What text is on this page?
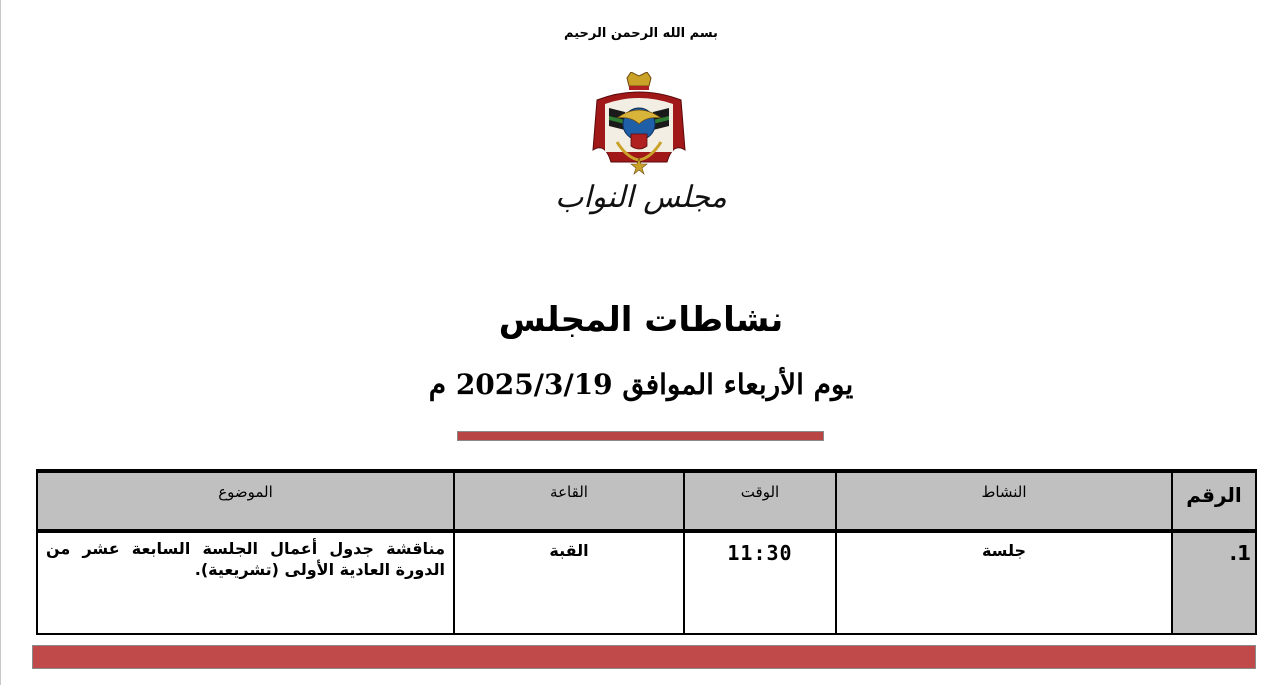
بسم الله الرحمن الرحيم
مجلس النواب
نشاطات المجلس
يوم الأربعاء الموافق 2025/3/19 م
الرقم	النشاط	الوقت	القاعة	الموضوع
1.	جلسة	11:30	القبة	مناقشة جدول أعمال الجلسة السابعة عشر من الدورة العادية الأولى (تشريعية).
